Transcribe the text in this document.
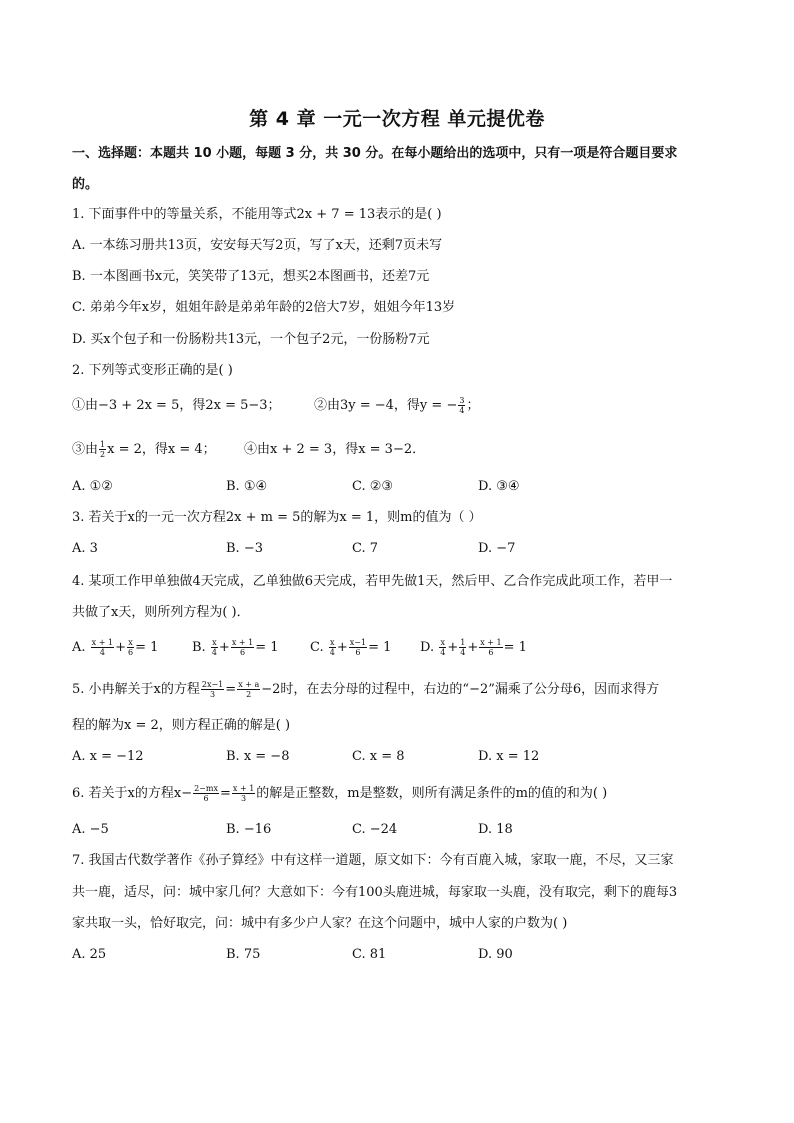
第 4 章 一元一次方程 单元提优卷
一、选择题：本题共 10 小题，每题 3 分，共 30 分。在每小题给出的选项中，只有一项是符合题目要求
的。
1. 下面事件中的等量关系，不能用等式2x + 7 = 13表示的是( )
A. 一本练习册共13页，安安每天写2页，写了x天，还剩7页未写
B. 一本图画书x元，笑笑带了13元，想买2本图画书，还差7元
C. 弟弟今年x岁，姐姐年龄是弟弟年龄的2倍大7岁，姐姐今年13岁
D. 买x个包子和一份肠粉共13元，一个包子2元，一份肠粉7元
2. 下列等式变形正确的是( )
①由−3 + 2x = 5，得2x = 5−3；	②由3y = −4，得y = − $\frac{3}{4}$ ；
③由 $\frac{1}{2}$ x = 2，得x = 4； ④由x + 2 = 3，得x = 3−2．
A. ①②	B. ①④	C. ②③	D. ③④
3. 若关于x的一元一次方程2x + m = 5的解为x = 1，则m的值为（ ）
A. 3	B. −3	C. 7	D. −7
4. 某项工作甲单独做4天完成，乙单独做6天完成，若甲先做1天，然后甲、乙合作完成此项工作，若甲一
共做了x天，则所列方程为( )．
A. $\frac{x + 1}{4} + \frac{x}{6} = 1$	B. $\frac{x}{4} + \frac{x + 1}{6} = 1$ C. $\frac{x}{4} + \frac{x-1}{6} = 1$ D. $\frac{x}{4} + \frac{1}{4} + \frac{x + 1}{6} = 1$
5. 小冉解关于x的方程 $\frac{2x-1}{3} = \frac{x + a}{2} -2$时，在去分母的过程中，右边的“−2”漏乘了公分母6，因而求得方
程的解为x = 2，则方程正确的解是( )
A. x = −12	B. x = −8	C. x = 8	D. x = 12
6. 若关于x的方程$x- \frac{2-mx}{6} = \frac{x + 1}{3}$ 的解是正整数，m是整数，则所有满足条件的m的值的和为( )
A. −5	B. −16	C. −24	D. 18
7. 我国古代数学著作《孙子算经》中有这样一道题，原文如下：今有百鹿入城，家取一鹿，不尽，又三家
共一鹿，适尽，问：城中家几何？大意如下：今有100头鹿进城，每家取一头鹿，没有取完，剩下的鹿每3
家共取一头，恰好取完，问：城中有多少户人家？在这个问题中，城中人家的户数为( )
A. 25	B. 75	C. 81	D. 90
